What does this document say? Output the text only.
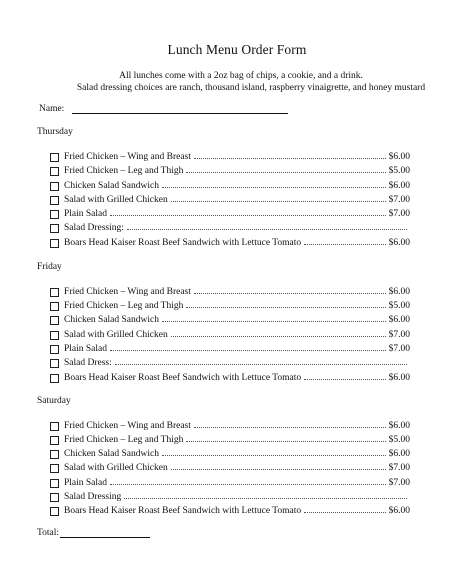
Lunch Menu Order Form
All lunches come with a 2oz bag of chips, a cookie, and a drink.
Salad dressing choices are ranch, thousand island, raspberry vinaigrette, and honey mustard
Name:
Thursday
Fried Chicken – Wing and Breast	$6.00
Fried Chicken – Leg and Thigh	$5.00
Chicken Salad Sandwich	$6.00
Salad with Grilled Chicken	$7.00
Plain Salad	$7.00
Salad Dressing:
Boars Head Kaiser Roast Beef Sandwich with Lettuce Tomato	$6.00
Friday
Fried Chicken – Wing and Breast	$6.00
Fried Chicken – Leg and Thigh	$5.00
Chicken Salad Sandwich	$6.00
Salad with Grilled Chicken	$7.00
Plain Salad	$7.00
Salad Dress:
Boars Head Kaiser Roast Beef Sandwich with Lettuce Tomato	$6.00
Saturday
Fried Chicken – Wing and Breast	$6.00
Fried Chicken – Leg and Thigh	$5.00
Chicken Salad Sandwich	$6.00
Salad with Grilled Chicken	$7.00
Plain Salad	$7.00
Salad Dressing
Boars Head Kaiser Roast Beef Sandwich with Lettuce Tomato	$6.00
Total:
